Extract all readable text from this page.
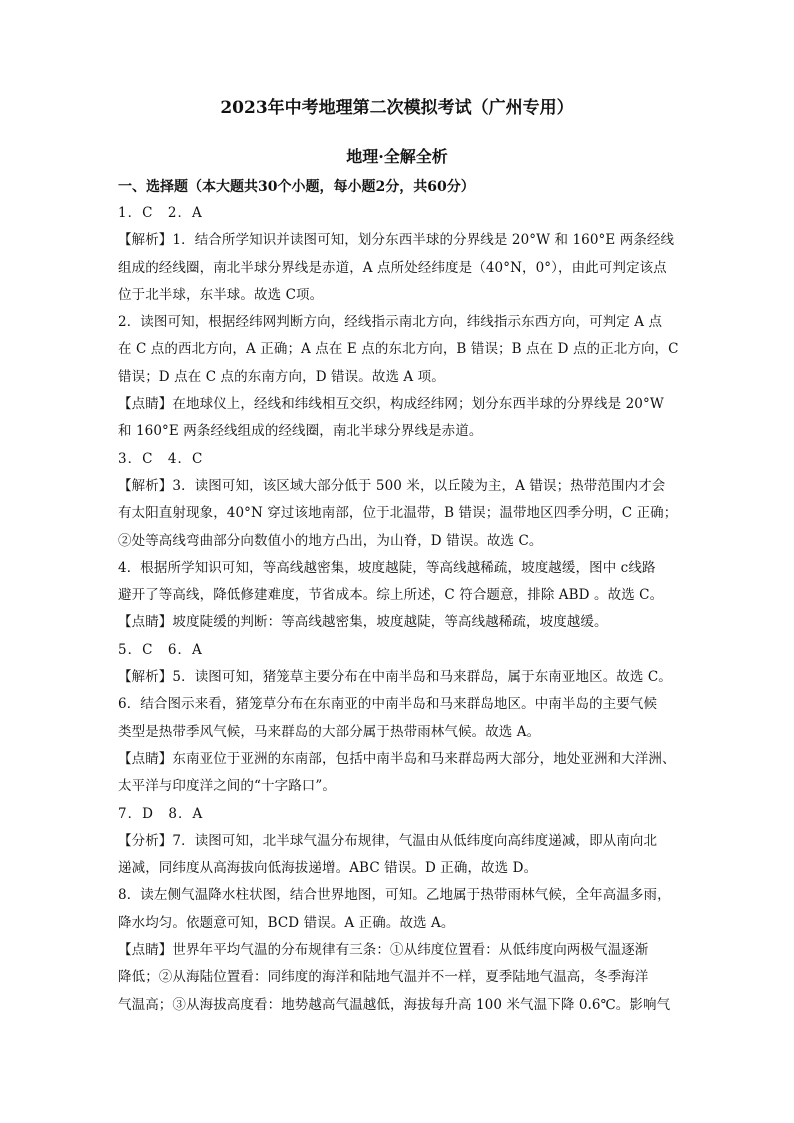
2023年中考地理第二次模拟考试（广州专用）
地理·全解全析
一、选择题（本大题共30个小题，每小题2分，共60分）

1．C　2．A

【解析】1．结合所学知识并读图可知，划分东西半球的分界线是 20°W 和 160°E 两条经线

组成的经线圈，南北半球分界线是赤道，A 点所处经纬度是（40°N，0°），由此可判定该点

位于北半球，东半球。故选 C项。

2．读图可知，根据经纬网判断方向，经线指示南北方向，纬线指示东西方向，可判定 A 点

在 C 点的西北方向，A 正确；A 点在 E 点的东北方向，B 错误；B 点在 D 点的正北方向，C

错误；D 点在 C 点的东南方向，D 错误。故选 A 项。

【点睛】在地球仪上，经线和纬线相互交织，构成经纬网；划分东西半球的分界线是 20°W

和 160°E 两条经线组成的经线圈，南北半球分界线是赤道。

3．C　4．C

【解析】3．读图可知，该区域大部分低于 500 米，以丘陵为主，A 错误；热带范围内才会

有太阳直射现象，40°N 穿过该地南部，位于北温带，B 错误；温带地区四季分明，C 正确；

②处等高线弯曲部分向数值小的地方凸出，为山脊，D 错误。故选 C。

4．根据所学知识可知，等高线越密集，坡度越陡，等高线越稀疏，坡度越缓，图中 c线路

避开了等高线，降低修建难度，节省成本。综上所述，C 符合题意，排除 ABD 。故选 C。

【点睛】坡度陡缓的判断：等高线越密集，坡度越陡，等高线越稀疏，坡度越缓。

5．C　6．A

【解析】5．读图可知，猪笼草主要分布在中南半岛和马来群岛，属于东南亚地区。故选 C。

6．结合图示来看，猪笼草分布在东南亚的中南半岛和马来群岛地区。中南半岛的主要气候

类型是热带季风气候，马来群岛的大部分属于热带雨林气候。故选 A。

【点睛】东南亚位于亚洲的东南部，包括中南半岛和马来群岛两大部分，地处亚洲和大洋洲、

太平洋与印度洋之间的“十字路口”。

7．D　8．A

【分析】7．读图可知，北半球气温分布规律，气温由从低纬度向高纬度递减，即从南向北

递减，同纬度从高海拔向低海拔递增。ABC 错误。D 正确，故选 D。

8．读左侧气温降水柱状图，结合世界地图，可知。乙地属于热带雨林气候，全年高温多雨，

降水均匀。依题意可知，BCD 错误。A 正确。故选 A。

【点睛】世界年平均气温的分布规律有三条：①从纬度位置看：从低纬度向两极气温逐渐

降低；②从海陆位置看：同纬度的海洋和陆地气温并不一样，夏季陆地气温高，冬季海洋

气温高；③从海拔高度看：地势越高气温越低，海拔每升高 100 米气温下降 0.6℃。影响气
